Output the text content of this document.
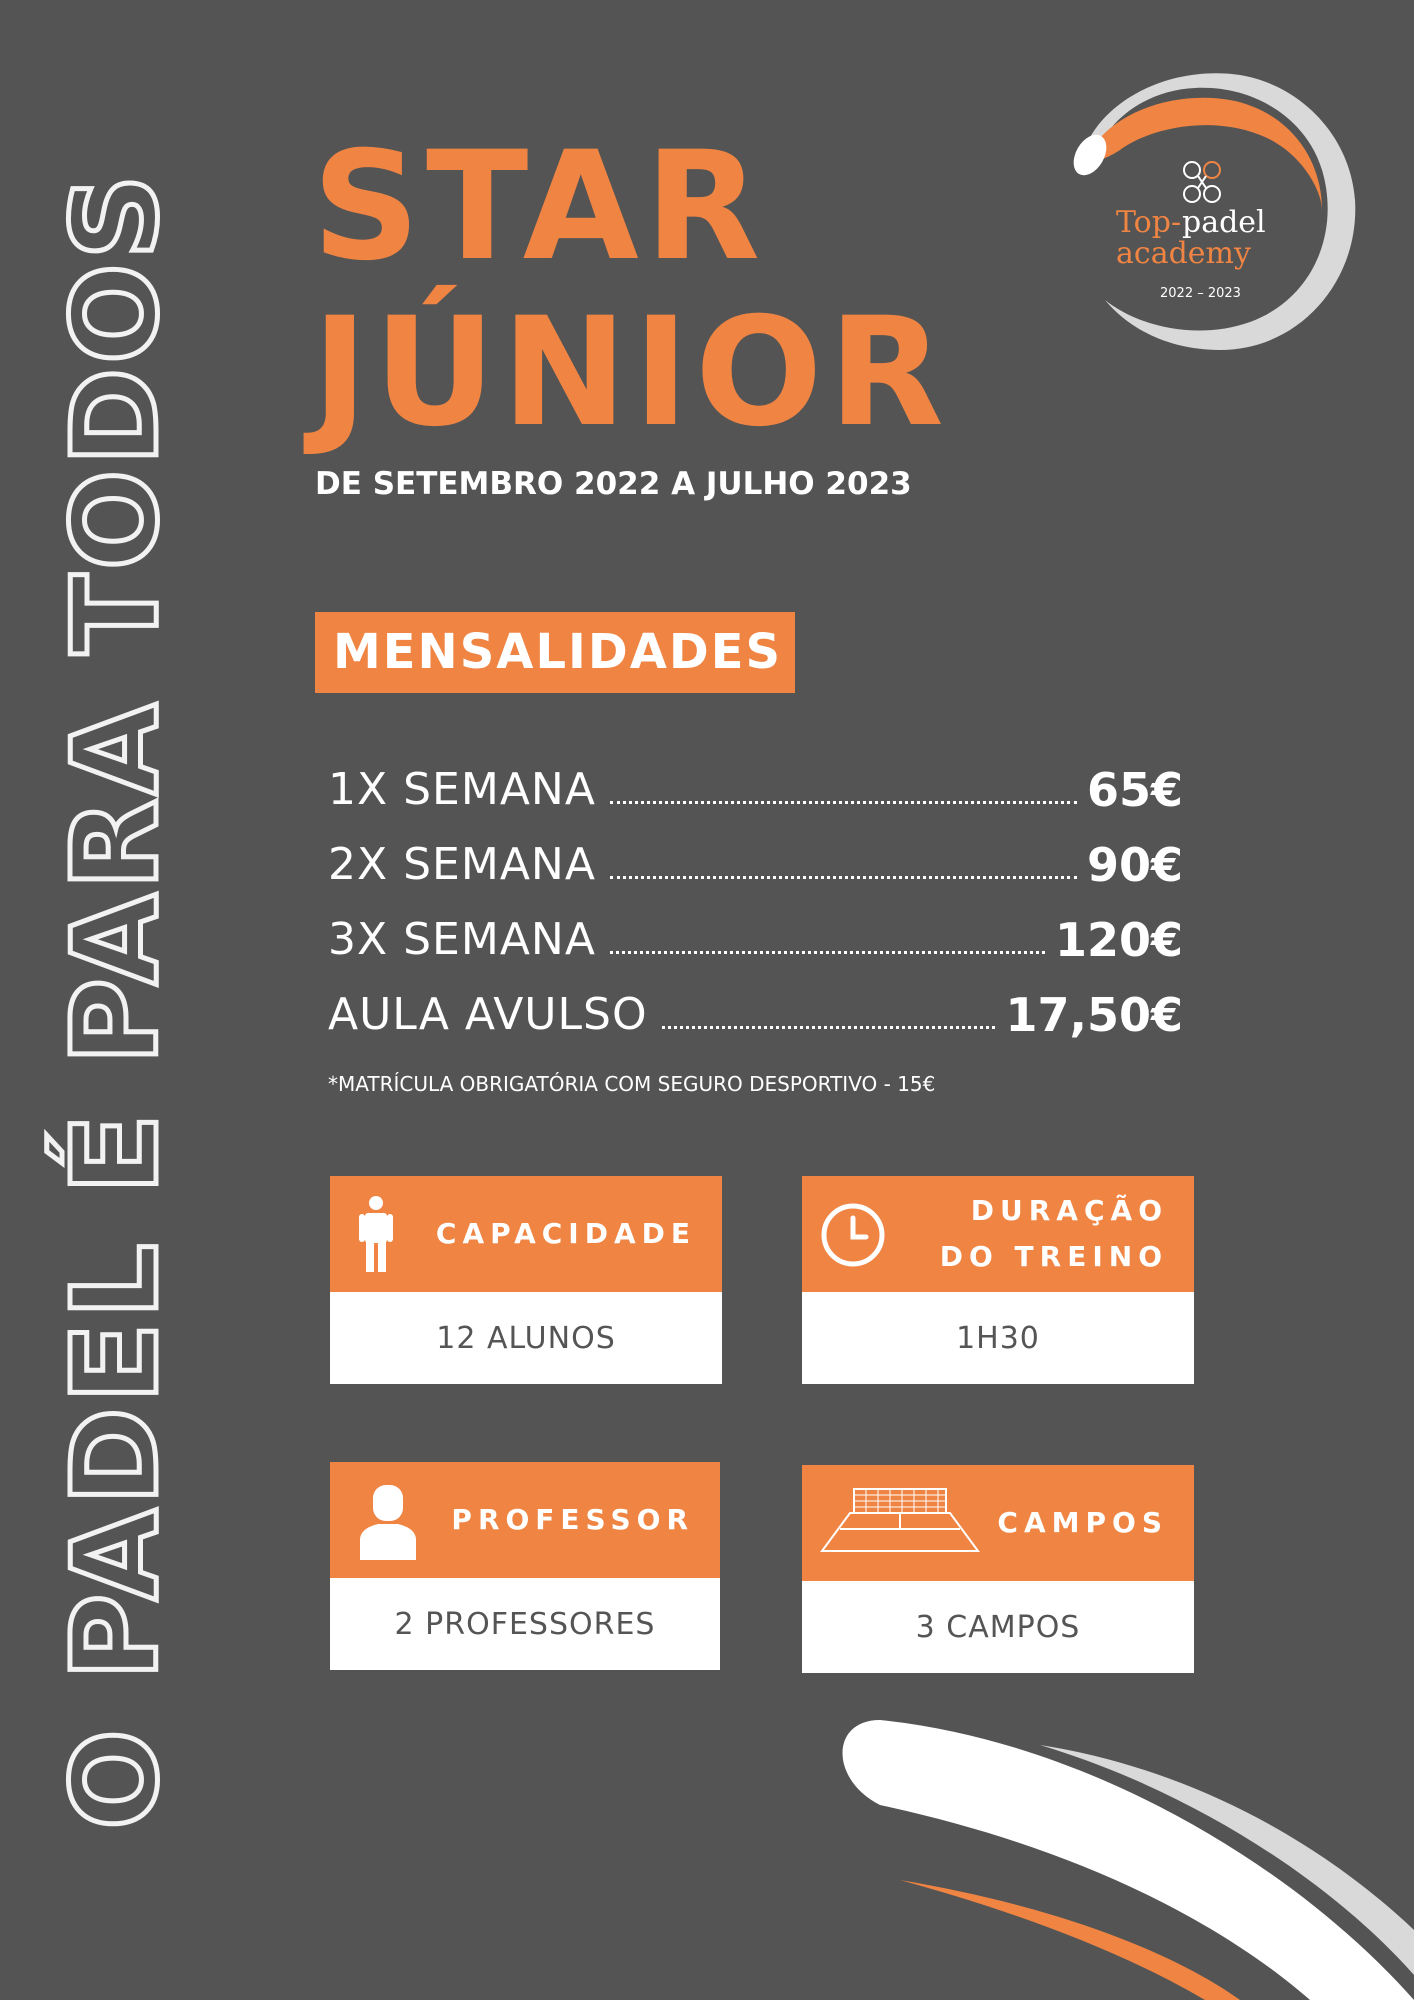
O PADEL É PARA TODOS STAR
JÚNIOR
DE SETEMBRO 2022 A JULHO 2023
MENSALIDADES
1X SEMANA	65€
2X SEMANA	90€
3X SEMANA	120€
AULA AVULSO	17,50€
*MATRÍCULA OBRIGATÓRIA COM SEGURO DESPORTIVO - 15€
CAPACIDADE
12 ALUNOS
DURAÇÃO
DO TREINO
1H30
PROFESSOR
2 PROFESSORES
CAMPOS
3 CAMPOS
Top- padel
academy
2022 – 2023
